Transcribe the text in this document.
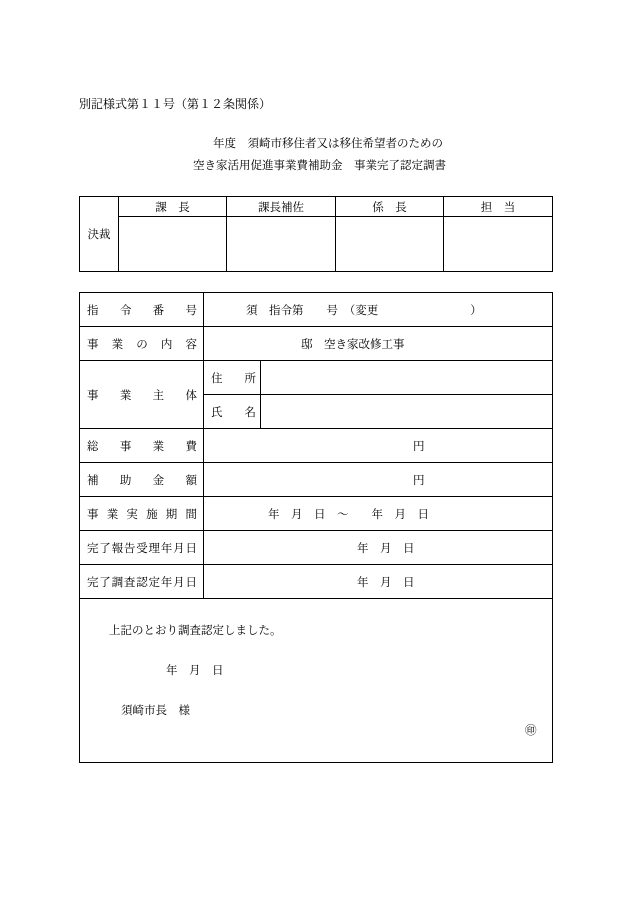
別記様式第１１号（第１２条関係）
年度　須崎市移住者又は移住希望者のための
空き家活用促進事業費補助金　事業完了認定調書
決裁	課　長	課長補佐	係　長	担　当

指　令　番　号	須　指令第　　号　（変更　　　　　　　　）	

事　業　の　内　容	邸　空き家改修工事	

事　業　主　体	住　所	

	氏　名	

総　事　業　費	円	

補　助　金　額	円	

事業実施期間	年　月　日　～　　年　月　日	

完了報告受理年月日	年　月　日	

完了調査認定年月日	年　月　日	

上記のとおり調査認定しました。
年　月　日
須崎市長　様
㊞		
